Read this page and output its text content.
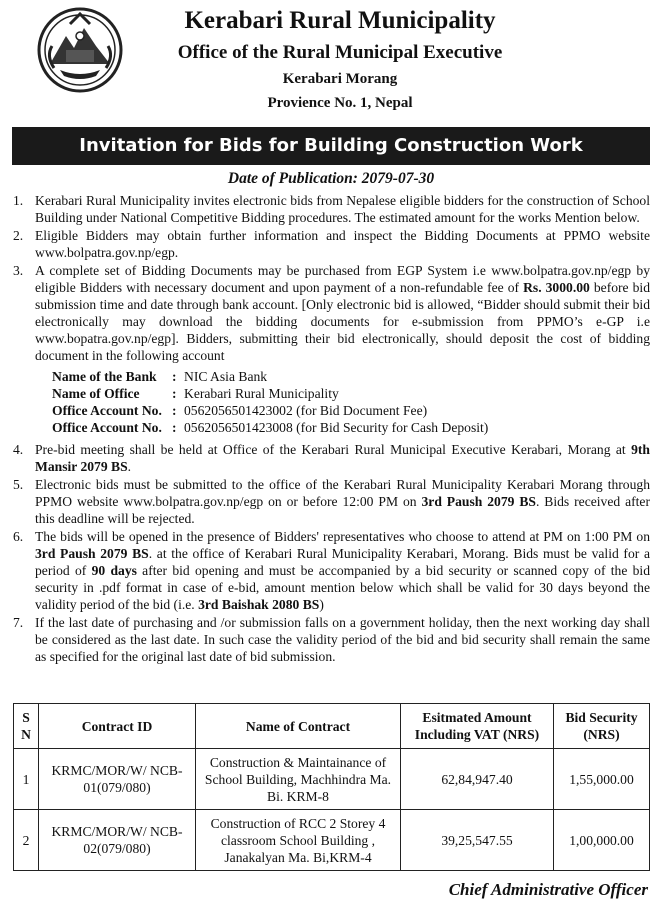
Kerabari Rural Municipality
Office of the Rural Municipal Executive
Kerabari Morang
Provience No. 1, Nepal
Invitation for Bids for Building Construction Work
Date of Publication: 2079-07-30
1. Kerabari Rural Municipality invites electronic bids from Nepalese eligible bidders for the construction of School Building under National Competitive Bidding procedures. The estimated amount for the works Mention below.
2. Eligible Bidders may obtain further information and inspect the Bidding Documents at PPMO website www.bolpatra.gov.np/egp.
3. A complete set of Bidding Documents may be purchased from EGP System i.e www.bolpatra.gov.np/egp by eligible Bidders with necessary document and upon payment of a non-refundable fee of Rs. 3000.00 before bid submission time and date through bank account. [Only electronic bid is allowed, “Bidder should submit their bid electronically may download the bidding documents for e-submission from PPMO’s e-GP i.e www.bopatra.gov.np/egp]. Bidders, submitting their bid electronically, should deposit the cost of bidding document in the following account
Name of the Bank	: NIC Asia Bank
Name of Office	: Kerabari Rural Municipality
Office Account No. : 0562056501423002 (for Bid Document Fee)
Office Account No. : 0562056501423008 (for Bid Security for Cash Deposit)
4. Pre-bid meeting shall be held at Office of the Kerabari Rural Municipal Executive Kerabari, Morang at 9th Mansir 2079 BS.
5. Electronic bids must be submitted to the office of the Kerabari Rural Municipality Kerabari Morang through PPMO website www.bolpatra.gov.np/egp on or before 12:00 PM on 3rd Paush 2079 BS. Bids received after this deadline will be rejected.
6. The bids will be opened in the presence of Bidders' representatives who choose to attend at PM on 1:00 PM on 3rd Paush 2079 BS. at the office of Kerabari Rural Municipality Kerabari, Morang. Bids must be valid for a period of 90 days after bid opening and must be accompanied by a bid security or scanned copy of the bid security in .pdf format in case of e-bid, amount mention below which shall be valid for 30 days beyond the validity period of the bid (i.e. 3rd Baishak 2080 BS)
7. If the last date of purchasing and /or submission falls on a government holiday, then the next working day shall be considered as the last date. In such case the validity period of the bid and bid security shall remain the same as specified for the original last date of bid submission.
S N	Contract ID	Name of Contract	Esitmated Amount Including VAT (NRS)	Bid Security (NRS)
1	KRMC/MOR/W/ NCB-01(079/080)	Construction & Maintainance of School Building, Machhindra Ma. Bi. KRM-8	62,84,947.40	1,55,000.00
2	KRMC/MOR/W/ NCB-02(079/080)	Construction of RCC 2 Storey 4 classroom School Building , Janakalyan Ma. Bi,KRM-4	39,25,547.55	1,00,000.00
Chief Administrative Officer
